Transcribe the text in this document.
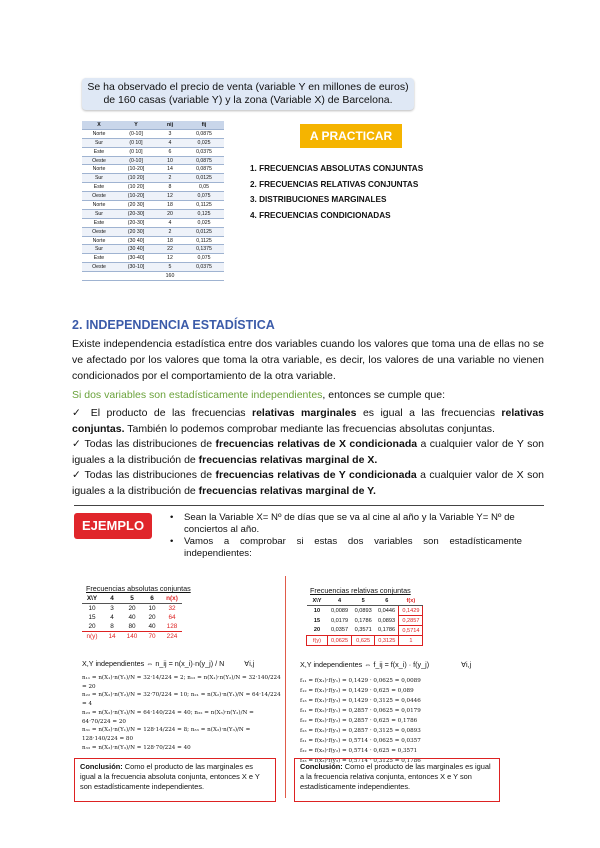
Se ha observado el precio de venta (variable Y en millones de euros)
de 160 casas (variable Y) y la zona (Variable X) de Barcelona.
X	Y	nij	fij
Norte	(0-10]	3	0,0875
Sur	(0 10]	4	0,025
Este	(0 10]	6	0,0375
Oeste	(0-10]	10	0,0875
Norte	(10-20]	14	0,0875
Sur	(10 20]	2	0,0125
Este	(10 20]	8	0,05
Oeste	(10-20]	12	0,075
Norte	(20 30]	18	0,1125
Sur	(20-30]	20	0,125
Este	(20-30]	4	0,025
Oeste	(20 30]	2	0,0125
Norte	(30 40]	18	0,1125
Sur	(30 40]	22	0,1375
Este	(30-40]	12	0,075
Oeste	(30-10]	5	0,0375
		160	
A PRACTICAR
1. FRECUENCIAS ABSOLUTAS CONJUNTAS
2. FRECUENCIAS RELATIVAS CONJUNTAS
3. DISTRIBUCIONES MARGINALES
4. FRECUENCIAS CONDICIONADAS
2. INDEPENDENCIA ESTADÍSTICA
Existe independencia estadística entre dos variables cuando los valores que toma una de ellas no se ve afectado por los valores que toma la otra variable, es decir, los valores de una variable no vienen condicionados por el comportamiento de la otra variable.
Si dos variables son estadísticamente independientes, entonces se cumple que:
✓ El producto de las frecuencias relativas marginales es igual a las frecuencias relativas conjuntas. También lo podemos comprobar mediante las frecuencias absolutas conjuntas.
✓ Todas las distribuciones de frecuencias relativas de X condicionada a cualquier valor de Y son iguales a la distribución de frecuencias relativas marginal de X.
✓ Todas las distribuciones de frecuencias relativas de Y condicionada a cualquier valor de X son iguales a la distribución de frecuencias relativas marginal de Y.
EJEMPLO
• Sean la Variable X= Nº de días que se va al cine al año y la Variable Y= Nº de conciertos al año.
• Vamos a comprobar si estas dos variables son estadísticamente independientes:
Frecuencias absolutas conjuntas
X\Y	4	5	6	n(x)
10	3	20	10	32
15	4	40	20	64
20	8	80	40	128
n(y)	14	140	70	224
X,Y independientes ⇔ n_ij = n(x_i)·n(y_j) / N	∀i,j
n₁₁ = n(X₁)·n(Y₁)/N = 32·14/224 = 2; n₁₂ = n(X₁)·n(Y₂)/N = 32·140/224 = 20
n₂₂ = n(X₂)·n(Y₂)/N = 32·70/224 = 10; n₂₁ = n(X₂)·n(Y₁)/N = 64·14/224 = 4
n₂₃ = n(X₂)·n(Y₃)/N = 64·140/224 = 40; n₃₂ = n(X₃)·n(Y₂)/N = 64·70/224 = 20
n₃₁ = n(X₃)·n(Y₁)/N = 128·14/224 = 8; n₃₃ = n(X₃)·n(Y₃)/N = 128·140/224 = 80
n₃₃ = n(X₃)·n(Y₃)/N = 128·70/224 = 40
Frecuencias relativas conjuntas
X\Y	4	5	6	f(x)
10	0,0089	0,0893	0,0446	0,1429
15	0,0179	0,1786	0,0893	0,2857
20	0,0357	0,3571	0,1786	0,5714
f(y)	0,0625	0,625	0,3125	1
X,Y independientes ⇔ f_ij = f(x_i) · f(y_j)	∀i,j
f₁₁ = f(x₁)·f(y₁) = 0,1429 · 0,0625 = 0,0089
f₁₂ = f(x₁)·f(y₂) = 0,1429 · 0,625 = 0,089
f₁₃ = f(x₁)·f(y₃) = 0,1429 · 0,3125 = 0,0446
f₂₁ = f(x₂)·f(y₁) = 0,2857 · 0,0625 = 0,0179
f₂₂ = f(x₂)·f(y₂) = 0,2857 · 0,625 = 0,1786
f₂₃ = f(x₂)·f(y₃) = 0,2857 · 0,3125 = 0,0893
f₃₁ = f(x₃)·f(y₁) = 0,5714 · 0,0625 = 0,0357
f₃₂ = f(x₃)·f(y₂) = 0,5714 · 0,625 = 0,3571
f₃₃ = f(x₃)·f(y₃) = 0,5714 · 0,3125 = 0,1786
Conclusión: Como el producto de las marginales es igual a la frecuencia absoluta conjunta, entonces X e Y son estadísticamente independientes.
Conclusión: Como el producto de las marginales es igual a la frecuencia relativa conjunta, entonces X e Y son estadísticamente independientes.
